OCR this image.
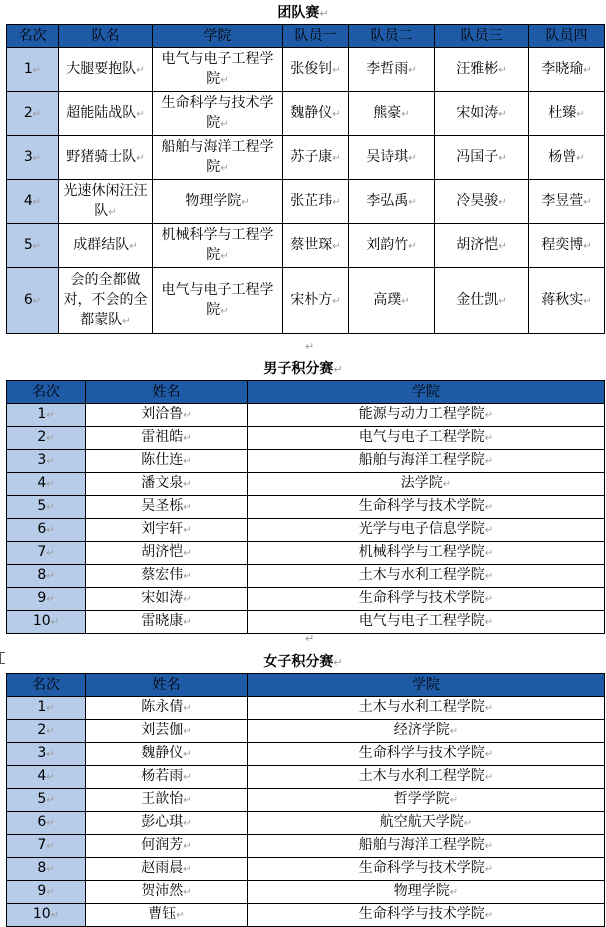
团队赛↵
名次	队名	学院	队员一	队员二	队员三	队员四
1↵	大腿要抱队↵	电气与电子工程学院↵	张俊钊↵	李哲雨↵	汪雅彬↵	李晓瑜↵
2↵	超能陆战队↵	生命科学与技术学院↵	魏静仪↵	熊豪↵	宋如涛↵	杜臻↵
3↵	野猪骑士队↵	船舶与海洋工程学院↵	苏子康↵	吴诗琪↵	冯国子↵	杨曾↵
4↵	光速休闲汪汪队↵	物理学院↵	张芷玮↵	李弘禹↵	冷昊骏↵	李昱萱↵
5↵	成群结队↵	机械科学与工程学院↵	蔡世琛↵	刘韵竹↵	胡济恺↵	程奕博↵
6↵	会的全都做对，不会的全都蒙队↵	电气与电子工程学院↵	宋朴方↵	高璞↵	金仕凯↵	蒋秋实↵
↵
男子积分赛↵
名次	姓名	学院
1↵	刘洽鲁↵	能源与动力工程学院↵
2↵	雷祖皓↵	电气与电子工程学院↵
3↵	陈仕连↵	船舶与海洋工程学院↵
4↵	潘文泉↵	法学院↵
5↵	吴圣栎↵	生命科学与技术学院↵
6↵	刘宇轩↵	光学与电子信息学院↵
7↵	胡济恺↵	机械科学与工程学院↵
8↵	蔡宏伟↵	土木与水利工程学院↵
9↵	宋如涛↵	生命科学与技术学院↵
10↵	雷晓康↵	电气与电子工程学院↵
↵
女子积分赛↵
名次	姓名	学院
1↵	陈永倩↵	土木与水利工程学院↵
2↵	刘芸伽↵	经济学院↵
3↵	魏静仪↵	生命科学与技术学院↵
4↵	杨若雨↵	土木与水利工程学院↵
5↵	王歆怡↵	哲学学院↵
6↵	彭心琪↵	航空航天学院↵
7↵	何润芳↵	船舶与海洋工程学院↵
8↵	赵雨晨↵	生命科学与技术学院↵
9↵	贺沛然↵	物理学院↵
10↵	曹钰↵	生命科学与技术学院↵
